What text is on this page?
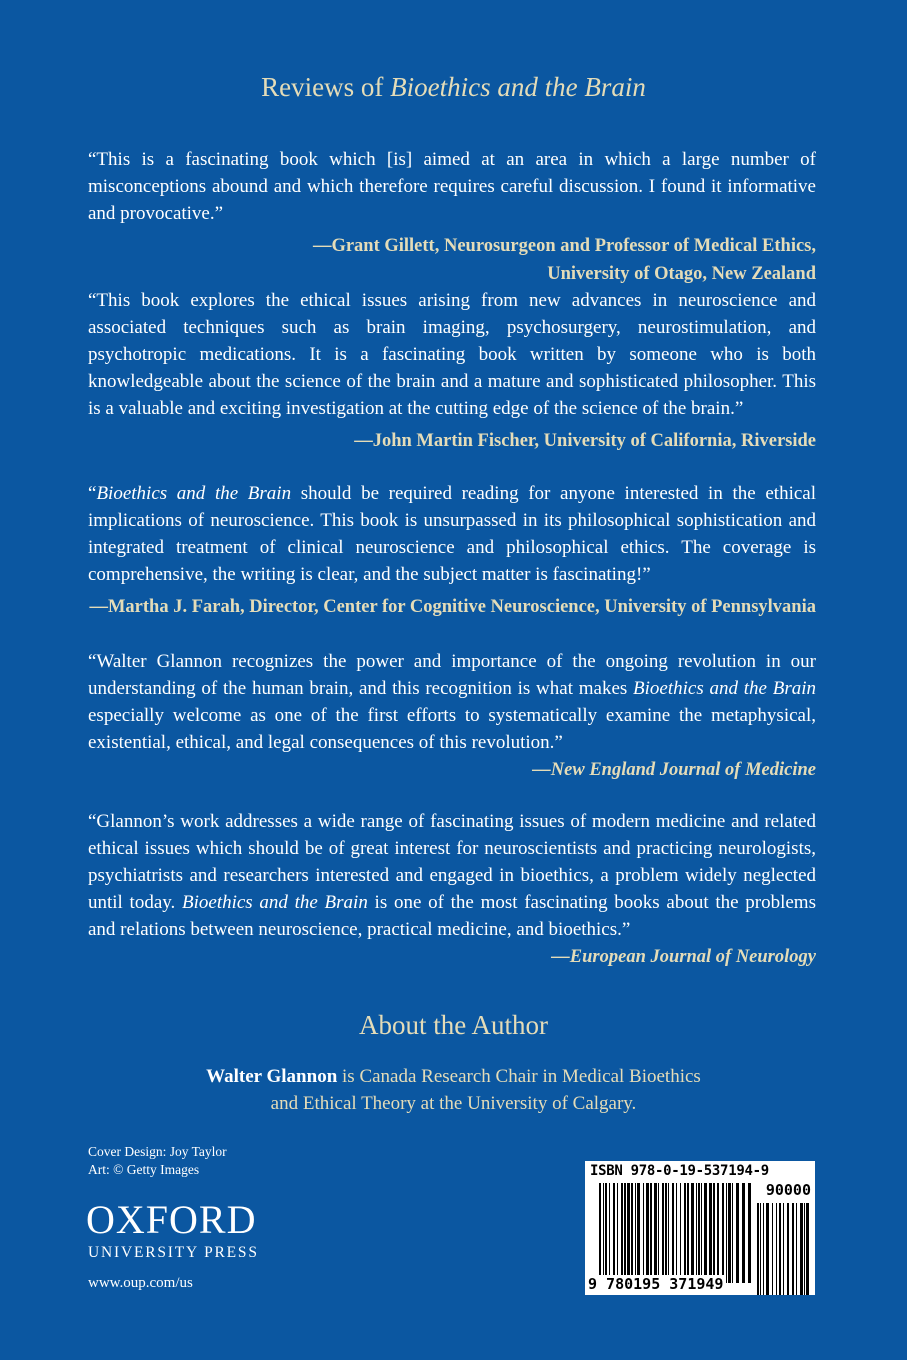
Reviews of Bioethics and the Brain

“This is a fascinating book which [is] aimed at an area in which a large number of misconceptions abound and which therefore requires careful discussion. I found it informative and provocative.”

—Grant Gillett, Neurosurgeon and Professor of Medical Ethics,
University of Otago, New Zealand

“This book explores the ethical issues arising from new advances in neuroscience and associated techniques such as brain imaging, psychosurgery, neurostimulation, and psychotropic medications. It is a fascinating book written by someone who is both knowledgeable about the science of the brain and a mature and sophisticated philosopher. This is a valuable and exciting investigation at the cutting edge of the science of the brain.”

—John Martin Fischer, University of California, Riverside

“Bioethics and the Brain should be required reading for anyone interested in the ethical implications of neuroscience. This book is unsurpassed in its philosophical sophistication and integrated treatment of clinical neuroscience and philosophical ethics. The coverage is comprehensive, the writing is clear, and the subject matter is fascinating!”

—Martha J. Farah, Director, Center for Cognitive Neuroscience, University of Pennsylvania

“Walter Glannon recognizes the power and importance of the ongoing revolution in our understanding of the human brain, and this recognition is what makes Bioethics and the Brain especially welcome as one of the first efforts to systematically examine the metaphysical, existential, ethical, and legal consequences of this revolution.”

—New England Journal of Medicine

“Glannon’s work addresses a wide range of fascinating issues of modern medicine and related ethical issues which should be of great interest for neuroscientists and practicing neurologists, psychiatrists and researchers interested and engaged in bioethics, a problem widely neglected until today. Bioethics and the Brain is one of the most fascinating books about the problems and relations between neuroscience, practical medicine, and bioethics.”

—European Journal of Neurology
About the Author
Walter Glannon is Canada Research Chair in Medical Bioethics
and Ethical Theory at the University of Calgary.
Cover Design: Joy Taylor
Art: © Getty Images
OXFORD
UNIVERSITY PRESS
www.oup.com/us
ISBN 978-0-19-537194-9
90000
9 780195 371949
